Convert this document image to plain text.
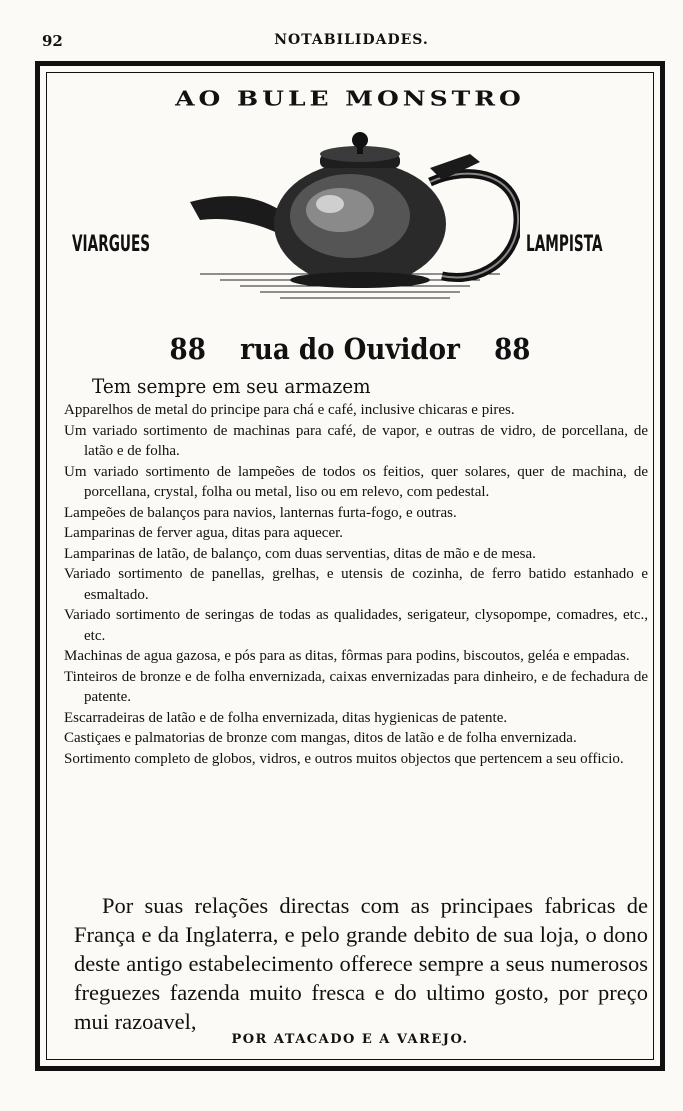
92	NOTABILIDADES.
AO BULE MONSTRO
VIARGUES	LAMPISTA
88 rua do Ouvidor 88
Tem sempre em seu armazem
Apparelhos de metal do principe para chá e café, inclusive chicaras e pires.
Um variado sortimento de machinas para café, de vapor, e outras de vidro, de porcellana, de latão e de folha.
Um variado sortimento de lampeões de todos os feitios, quer solares, quer de machina, de porcellana, crystal, folha ou metal, liso ou em relevo, com pedestal.
Lampeões de balanços para navios, lanternas furta-fogo, e outras.
Lamparinas de ferver agua, ditas para aquecer.
Lamparinas de latão, de balanço, com duas serventias, ditas de mão e de mesa.
Variado sortimento de panellas, grelhas, e utensis de cozinha, de ferro batido estanhado e esmaltado.
Variado sortimento de seringas de todas as qualidades, serigateur, clysopompe, comadres, etc., etc.
Machinas de agua gazosa, e pós para as ditas, fôrmas para podins, biscoutos, geléa e empadas.
Tinteiros de bronze e de folha envernizada, caixas envernizadas para dinheiro, e de fechadura de patente.
Escarradeiras de latão e de folha envernizada, ditas hygienicas de patente.
Castiçaes e palmatorias de bronze com mangas, ditos de latão e de folha envernizada.
Sortimento completo de globos, vidros, e outros muitos objectos que pertencem a seu officio.
Por suas relações directas com as principaes fabricas de França e da Inglaterra, e pelo grande debito de sua loja, o dono deste antigo estabelecimento offerece sempre a seus numerosos freguezes fazenda muito fresca e do ultimo gosto, por preço mui razoavel,
POR ATACADO E A VAREJO.
